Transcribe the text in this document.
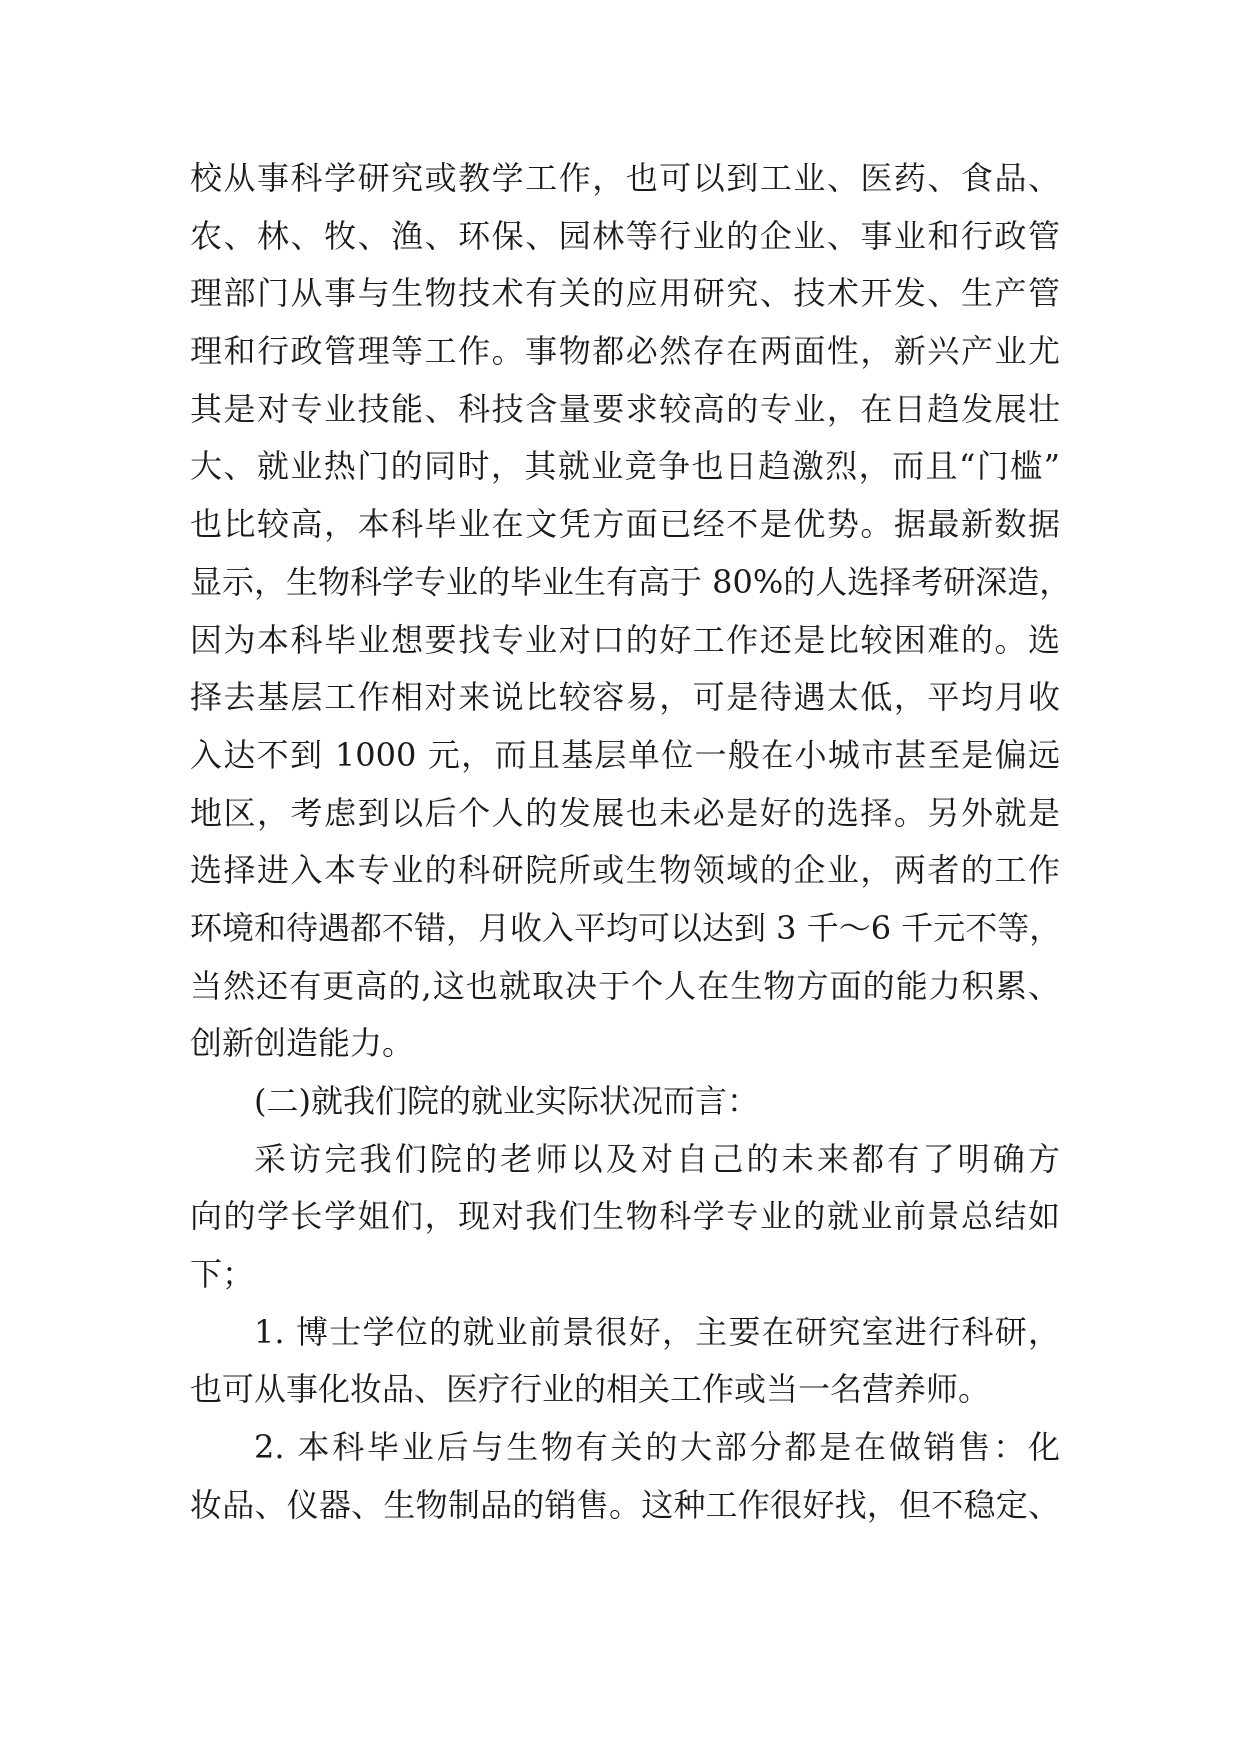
校从事科学研究或教学工作，也可以到工业、医药、食品、
农、林、牧、渔、环保、园林等行业的企业、事业和行政管
理部门从事与生物技术有关的应用研究、技术开发、生产管
理和行政管理等工作。事物都必然存在两面性，新兴产业尤
其是对专业技能、科技含量要求较高的专业，在日趋发展壮
大、就业热门的同时，其就业竞争也日趋激烈，而且“门槛”
也比较高，本科毕业在文凭方面已经不是优势。据最新数据
显示，生物科学专业的毕业生有高于 80%的人选择考研深造，
因为本科毕业想要找专业对口的好工作还是比较困难的。选
择去基层工作相对来说比较容易，可是待遇太低，平均月收
入达不到 1000 元，而且基层单位一般在小城市甚至是偏远
地区，考虑到以后个人的发展也未必是好的选择。另外就是
选择进入本专业的科研院所或生物领域的企业，两者的工作
环境和待遇都不错，月收入平均可以达到 3 千～6 千元不等，
当然还有更高的,这也就取决于个人在生物方面的能力积累、
创新创造能力。
(二)就我们院的就业实际状况而言：
采访完我们院的老师以及对自己的未来都有了明确方
向的学长学姐们，现对我们生物科学专业的就业前景总结如
下；
1. 博士学位的就业前景很好，主要在研究室进行科研，
也可从事化妆品、医疗行业的相关工作或当一名营养师。
2. 本科毕业后与生物有关的大部分都是在做销售：化
妆品、仪器、生物制品的销售。这种工作很好找，但不稳定、
